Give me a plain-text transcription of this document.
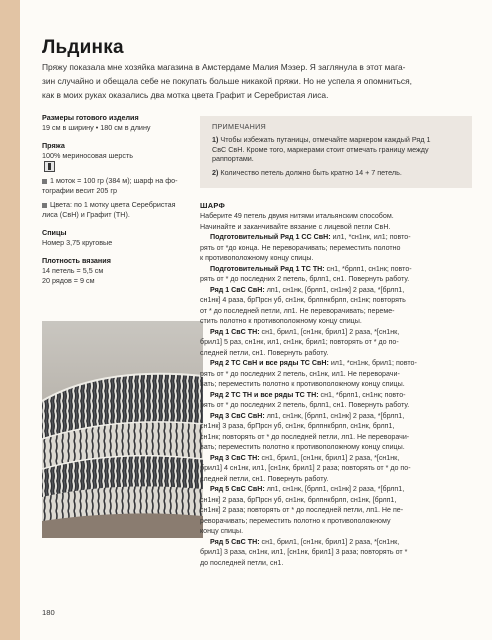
Льдинка
Пряжу показала мне хозяйка магазина в Амстердаме Малия Мэзер. Я заглянула в этот мага-
зин случайно и обещала себе не покупать больше никакой пряжи. Но не успела я опомниться,
как в моих руках оказались два мотка цвета Графит и Серебристая лиса.
Размеры готового изделия
19 см в ширину • 180 см в длину
Пряжа
100% мериносовая шерсть
1 моток = 100 гр (384 м); шарф на фо-
тографии весит 205 гр
Цвета: по 1 мотку цвета Серебристая
лиса (СвН) и Графит (ТН).
Спицы
Номер 3,75 круговые
Плотность вязания
14 петель = 5,5 см
20 рядов = 9 см
ПРИМЕЧАНИЯ
1) Чтобы избежать путаницы, отмечайте маркером каждый Ряд 1
СвС СвН. Кроме того, маркерами стоит отмечать границу между
раппортами.
2) Количество петель должно быть кратно 14 + 7 петель.
ШАРФ
Наберите 49 петель двумя нитями итальянским способом.
Начинайте и заканчивайте вязание с лицевой петли СвН.
Подготовительный Ряд 1 СС СвН: ил1, *сн1нк, ил1; повто-
рять от *до конца. Не переворачивать; переместить полотно
к противоположному концу спицы.
Подготовительный Ряд 1 ТС ТН: сн1, *брлп1, сн1нк; повто-
рять от * до последних 2 петель, брлп1, сн1. Повернуть работу.
Ряд 1 СвС СвН: лп1, сн1нк, [брлп1, сн1нк] 2 раза, *[брлп1,
сн1нк] 4 раза, брПрсн уб, сн1нк, брлпнкбрлп, сн1нк; повторять
от * до последней петли, лп1. Не переворачивать; переме-
стить полотно к противоположному концу спицы.
Ряд 1 СвС ТН: сн1, брил1, [сн1нк, брил1] 2 раза, *[сн1нк,
брил1] 5 раз, сн1нк, ил1, сн1нк, брил1; повторять от * до по-
следней петли, сн1. Повернуть работу.
Ряд 2 ТС СвН и все ряды ТС СвН: ил1, *сн1нк, брил1; повто-
рять от * до последних 2 петель, сн1нк, ил1. Не переворачи-
вать; переместить полотно к противоположному концу спицы.
Ряд 2 ТС ТН и все ряды ТС ТН: сн1, *брлп1, сн1нк; повто-
рять от * до последних 2 петель, брлп1, сн1. Повернуть работу.
Ряд 3 СвС СвН: лп1, сн1нк, [брлп1, сн1нк] 2 раза, *[брлп1,
сн1нк] 3 раза, брПрсн уб, сн1нк, брлпнкбрлп, сн1нк, брлп1,
сн1нк; повторять от * до последней петли, лп1. Не переворачи-
вать; переместить полотно к противоположному концу спицы.
Ряд 3 СвС ТН: сн1, брил1, [сн1нк, брил1] 2 раза, *[сн1нк,
брил1] 4 сн1нк, ил1, [сн1нк, брил1] 2 раза; повторять от * до по-
следней петли, сн1. Повернуть работу.
Ряд 5 СвС СвН: лп1, сн1нк, [брлп1, сн1нк] 2 раза, *[брлп1,
сн1нк] 2 раза, брПрсн уб, сн1нк, брлпнкбрлп, сн1нк, [брлп1,
сн1нк] 2 раза; повторять от * до последней петли, лп1. Не пе-
реворачивать; переместить полотно к противоположному
концу спицы.
Ряд 5 СвС ТН: сн1, брил1, [сн1нк, брил1] 2 раза, *[сн1нк,
брил1] 3 раза, сн1нк, ил1, [сн1нк, брил1] 3 раза; повторять от *
до последней петли, сн1.
180
